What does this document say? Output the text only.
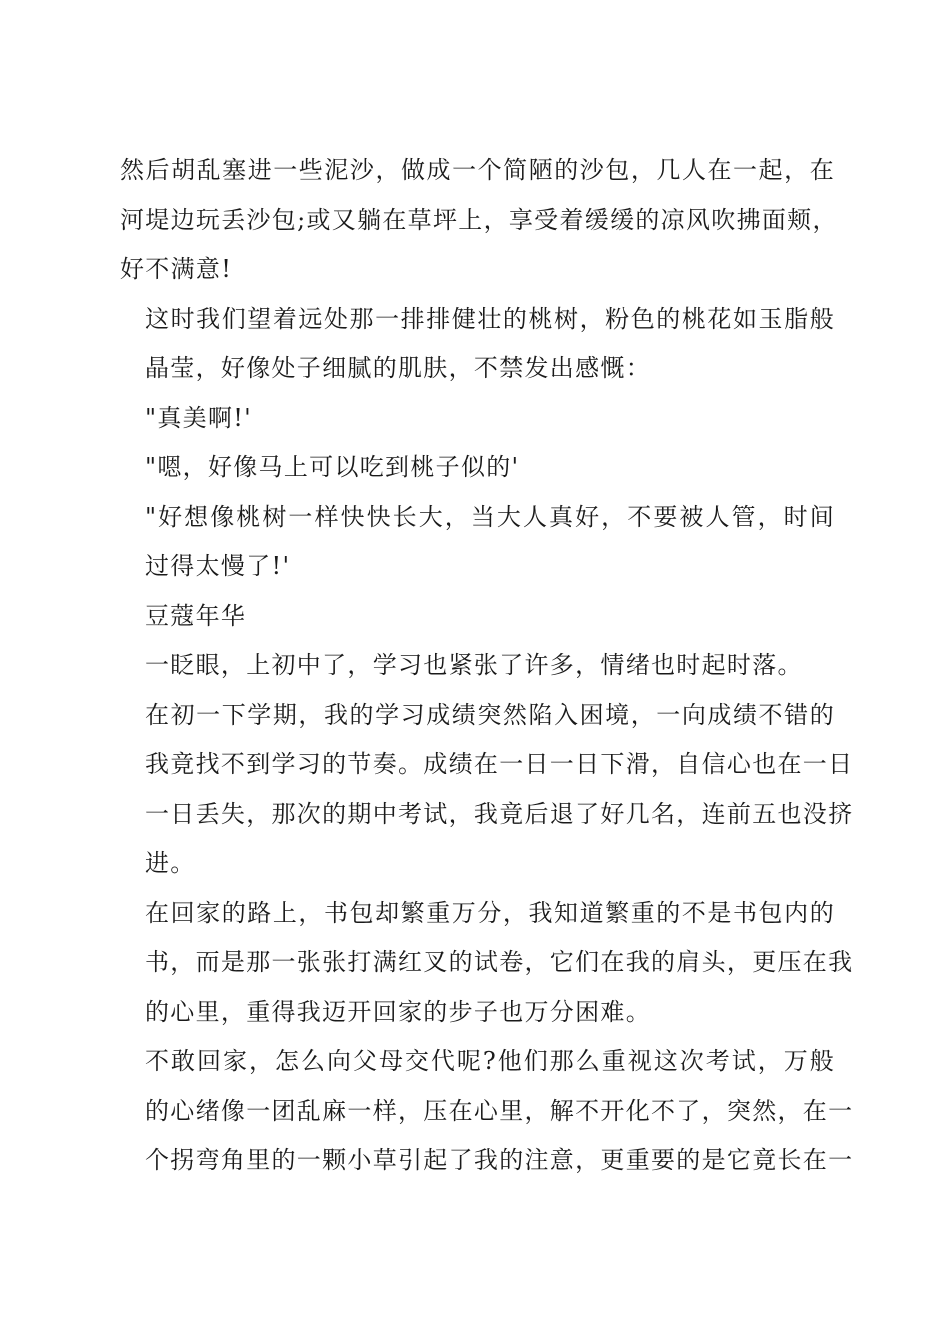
然后胡乱塞进一些泥沙，做成一个简陋的沙包，几人在一起，在
河堤边玩丢沙包;或又躺在草坪上，享受着缓缓的凉风吹拂面颊，
好不满意!

这时我们望着远处那一排排健壮的桃树，粉色的桃花如玉脂般
晶莹，好像处子细腻的肌肤，不禁发出感慨：

"真美啊!'

"嗯，好像马上可以吃到桃子似的'

"好想像桃树一样快快长大，当大人真好，不要被人管，时间
过得太慢了!'

豆蔻年华

一眨眼，上初中了，学习也紧张了许多，情绪也时起时落。

在初一下学期，我的学习成绩突然陷入困境，一向成绩不错的
我竟找不到学习的节奏。成绩在一日一日下滑，自信心也在一日
一日丢失，那次的期中考试，我竟后退了好几名，连前五也没挤
进。

在回家的路上，书包却繁重万分，我知道繁重的不是书包内的
书，而是那一张张打满红叉的试卷，它们在我的肩头，更压在我
的心里，重得我迈开回家的步子也万分困难。

不敢回家，怎么向父母交代呢?他们那么重视这次考试，万般
的心绪像一团乱麻一样，压在心里，解不开化不了，突然，在一
个拐弯角里的一颗小草引起了我的注意，更重要的是它竟长在一
